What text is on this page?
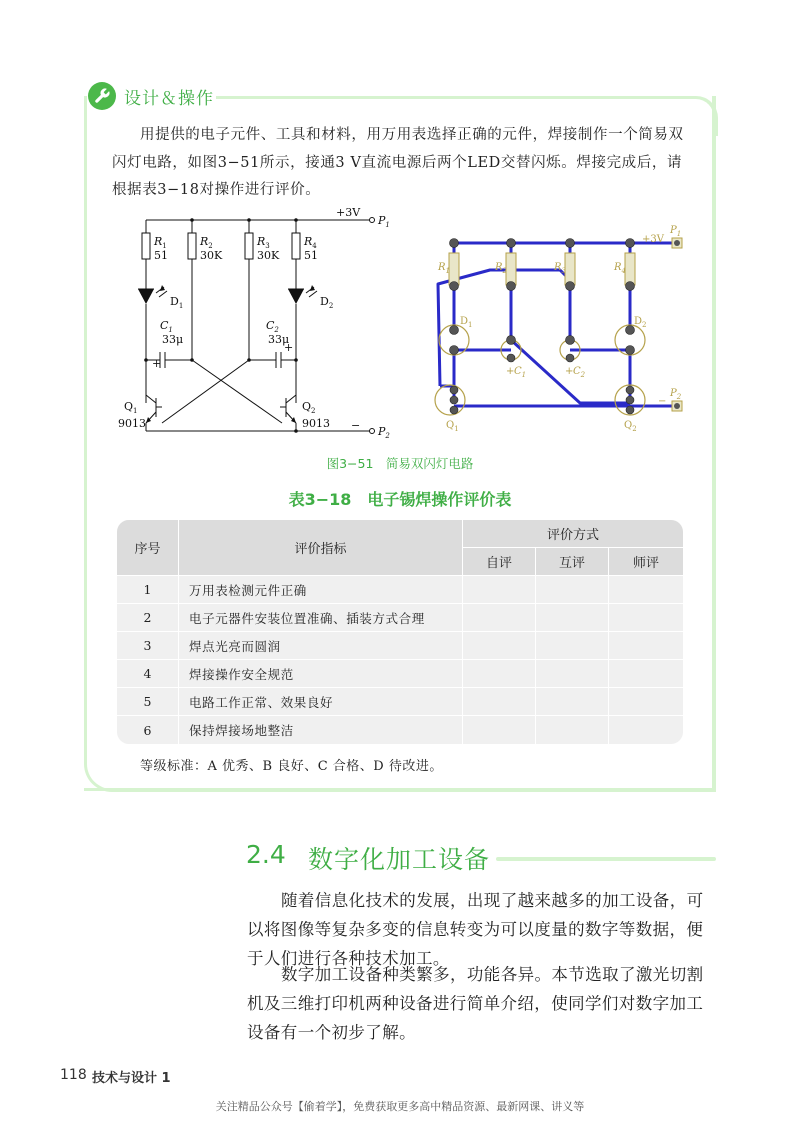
设计＆操作

用提供的电子元件、工具和材料，用万用表选择正确的元件，焊接制作一个简易双闪灯电路，如图3−51所示，接通3 V直流电源后两个LED交替闪烁。焊接完成后，请根据表3−18对操作进行评价。

+3V
$P_1$
− $P_2$
$R_1$
51
$R_2$
30K
$R_3$
30K
$R_4$
51
$D_1$	$D_2$
$C_1$
33μ
+
$C_2$
33μ
+
$Q_1$
9013
$Q_2$
9013
+3V
$P_1$
$P_2$
−
$R_1$	$R_2$	$R_3$	$R_4$
$D_1$	$D_2$
+ $C_1$	+ $C_2$
$Q_1$	$Q_2$
图3−51　简易双闪灯电路
表3−18　电子锡焊操作评价表
序号	评价指标	评价方式		
		自评	互评	师评
1	万用表检测元件正确			
2	电子元器件安装位置准确、插装方式合理			
3	焊点光亮而圆润			
4	焊接操作安全规范			
5	电路工作正常、效果良好			
6	保持焊接场地整洁			
等级标准：A 优秀、B 良好、C 合格、D 待改进。
2.4 数字化加工设备

随着信息化技术的发展，出现了越来越多的加工设备，可以将图像等复杂多变的信息转变为可以度量的数字等数据，便于人们进行各种技术加工。

数字加工设备种类繁多，功能各异。本节选取了激光切割机及三维打印机两种设备进行简单介绍，使同学们对数字加工设备有一个初步了解。

118 技术与设计 1
关注精品公众号【偷着学】，免费获取更多高中精品资源、最新网课、讲义等
